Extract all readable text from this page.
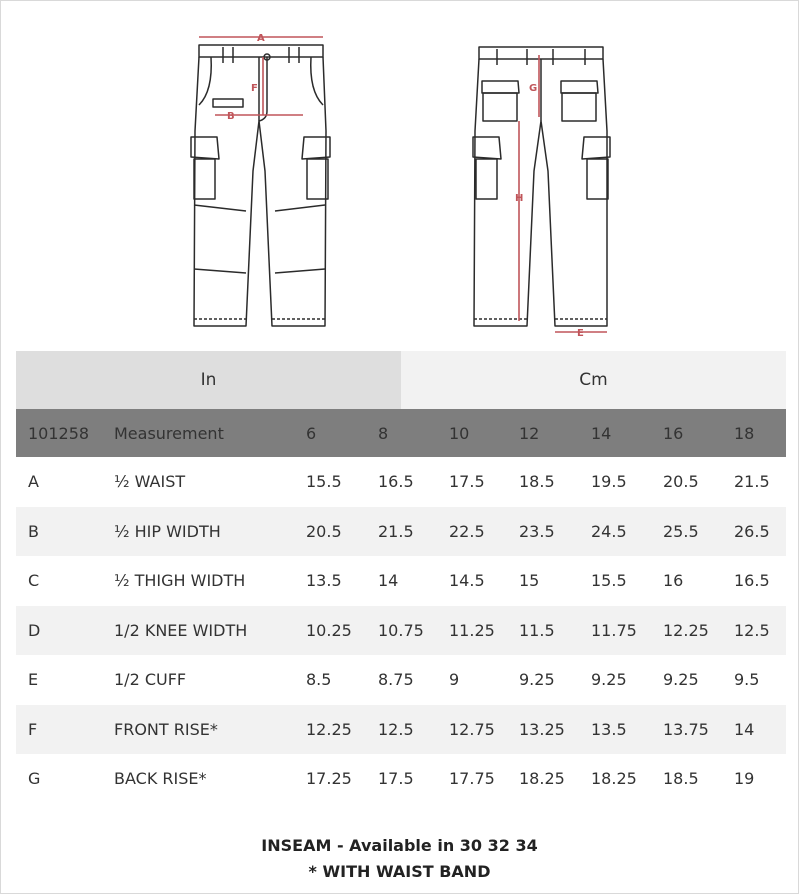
A
B
F	G
H
E
In	Cm
101258	Measurement	6	8	10	12	14	16	18
A	½ WAIST	15.5	16.5	17.5	18.5	19.5	20.5	21.5
B	½ HIP WIDTH	20.5	21.5	22.5	23.5	24.5	25.5	26.5
C	½ THIGH WIDTH	13.5	14	14.5	15	15.5	16	16.5
D	1/2 KNEE WIDTH	10.25	10.75	11.25	11.5	11.75	12.25	12.5
E	1/2 CUFF	8.5	8.75	9	9.25	9.25	9.25	9.5
F	FRONT RISE*	12.25	12.5	12.75	13.25	13.5	13.75	14
G	BACK RISE*	17.25	17.5	17.75	18.25	18.25	18.5	19
INSEAM - Available in 30 32 34
* WITH WAIST BAND
